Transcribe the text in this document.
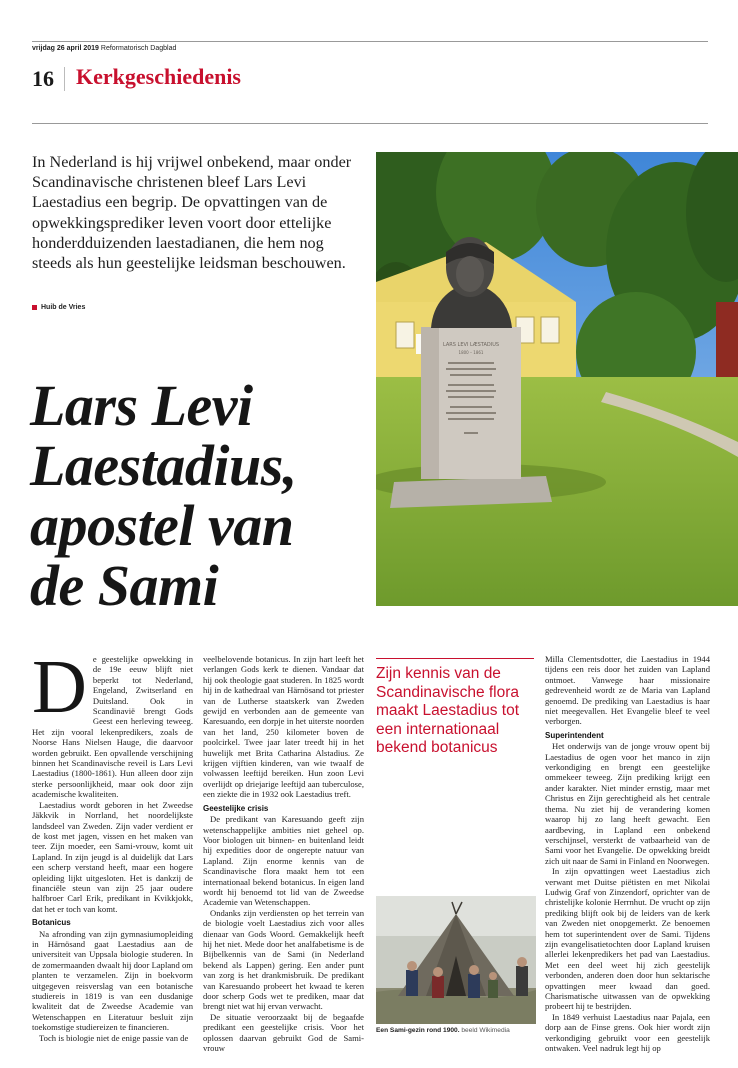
vrijdag 26 april 2019 Reformatorisch Dagblad
16 Kerkgeschiedenis
In Nederland is hij vrijwel onbekend, maar onder Scandinavische christenen bleef Lars Levi Laestadius een begrip. De opvattingen van de opwekkingsprediker leven voort door ettelijke honderdduizenden laestadianen, die hem nog steeds als hun geestelijke leidsman beschouwen.
Huib de Vries
Lars Levi
Laestadius,
apostel van
de Sami
LARS LEVI LÆSTADIUS
1800 – 1861
D e geestelijke opwekking in de 19e eeuw blijft niet beperkt tot Nederland, Engeland, Zwitserland en Duitsland. Ook in Scandinavië brengt Gods Geest een herleving teweeg. Het zijn vooral lekenpredikers, zoals de Noorse Hans Nielsen Hauge, die daarvoor worden gebruikt. Een opvallende verschijning binnen het Scandinavische reveil is Lars Levi Laestadius (1800-1861). Hun alleen door zijn sterke persoonlijkheid, maar ook door zijn academische kwaliteiten.

Laestadius wordt geboren in het Zweedse Jäkkvik in Norrland, het noordelijkste landsdeel van Zweden. Zijn vader verdient er de kost met jagen, vissen en het maken van teer. Zijn moeder, een Sami-vrouw, komt uit Lapland. In zijn jeugd is al duidelijk dat Lars een scherp verstand heeft, maar een hogere opleiding lijkt uitgesloten. Het is dankzij de financiële steun van zijn 25 jaar oudere halfbroer Carl Erik, predikant in Kvikkjokk, dat het er toch van komt.

Botanicus

Na afronding van zijn gymnasiumopleiding in Härnösand gaat Laestadius aan de universiteit van Uppsala biologie studeren. In de zomermaanden dwaalt hij door Lapland om planten te verzamelen. Zijn in boekvorm uitgegeven reisverslag van een botanische studiereis in 1819 is van een dusdanige kwaliteit dat de Zweedse Academie van Wetenschappen en Literatuur besluit zijn toekomstige studiereizen te financieren.

Toch is biologie niet de enige passie van de

veelbelovende botanicus. In zijn hart leeft het verlangen Gods kerk te dienen. Vandaar dat hij ook theologie gaat studeren. In 1825 wordt hij in de kathedraal van Härnösand tot priester van de Lutherse staatskerk van Zweden gewijd en verbonden aan de gemeente van Karesuando, een dorpje in het uiterste noorden van het land, 250 kilometer boven de poolcirkel. Twee jaar later treedt hij in het huwelijk met Brita Catharina Alstadius. Ze krijgen vijftien kinderen, van wie twaalf de volwassen leeftijd bereiken. Hun zoon Levi overlijdt op driejarige leeftijd aan tuberculose, een ziekte die in 1932 ook Laestadius treft.

Geestelijke crisis

De predikant van Karesuando geeft zijn wetenschappelijke ambities niet geheel op. Voor biologen uit binnen- en buitenland leidt hij expedities door de ongerepte natuur van Lapland. Zijn enorme kennis van de Scandinavische flora maakt hem tot een internationaal bekend botanicus. In eigen land wordt hij benoemd tot lid van de Zweedse Academie van Wetenschappen.

Ondanks zijn verdiensten op het terrein van de biologie voelt Laestadius zich voor alles dienaar van Gods Woord. Gemakkelijk heeft hij het niet. Mede door het analfabetisme is de Bijbelkennis van de Sami (in Nederland bekend als Lappen) gering. Een ander punt van zorg is het drankmisbruik. De predikant van Karesuando probeert het kwaad te keren door scherp Gods wet te prediken, maar dat brengt niet wat hij ervan verwacht.

De situatie veroorzaakt bij de begaafde predikant een geestelijke crisis. Voor het oplossen daarvan gebruikt God de Sami-vrouw

Zijn kennis van de Scandinavische flora maakt Laestadius tot een internationaal bekend botanicus
Een Sami-gezin rond 1900. beeld Wikimedia

Milla Clementsdotter, die Laestadius in 1944 tijdens een reis door het zuiden van Lapland ontmoet. Vanwege haar missionaire gedrevenheid wordt ze de Maria van Lapland genoemd. De prediking van Laestadius is haar niet meegevallen. Het Evangelie bleef te veel verborgen.

Superintendent

Het onderwijs van de jonge vrouw opent bij Laestadius de ogen voor het manco in zijn verkondiging en brengt een geestelijke ommekeer teweeg. Zijn prediking krijgt een ander karakter. Niet minder ernstig, maar met Christus en Zijn gerechtigheid als het centrale thema. Nu ziet hij de verandering komen waarop hij zo lang heeft gewacht. Een aardbeving, in Lapland een onbekend verschijnsel, versterkt de vatbaarheid van de Sami voor het Evangelie. De opwekking breidt zich uit naar de Sami in Finland en Noorwegen.

In zijn opvattingen weet Laestadius zich verwant met Duitse piëtisten en met Nikolai Ludwig Graf von Zinzendorf, oprichter van de christelijke kolonie Herrnhut. De vrucht op zijn prediking blijft ook bij de leiders van de kerk van Zweden niet onopgemerkt. Ze benoemen hem tot superintendent over de Sami. Tijdens zijn evangelisatietochten door Lapland kruisen allerlei lekenpredikers het pad van Laestadius. Met een deel weet hij zich geestelijk verbonden, anderen doen door hun sektarische opvattingen meer kwaad dan goed. Charismatische uitwassen van de opwekking probeert hij te bestrijden.

In 1849 verhuist Laestadius naar Pajala, een dorp aan de Finse grens. Ook hier wordt zijn verkondiging gebruikt voor een geestelijk ontwaken. Veel nadruk legt hij op
